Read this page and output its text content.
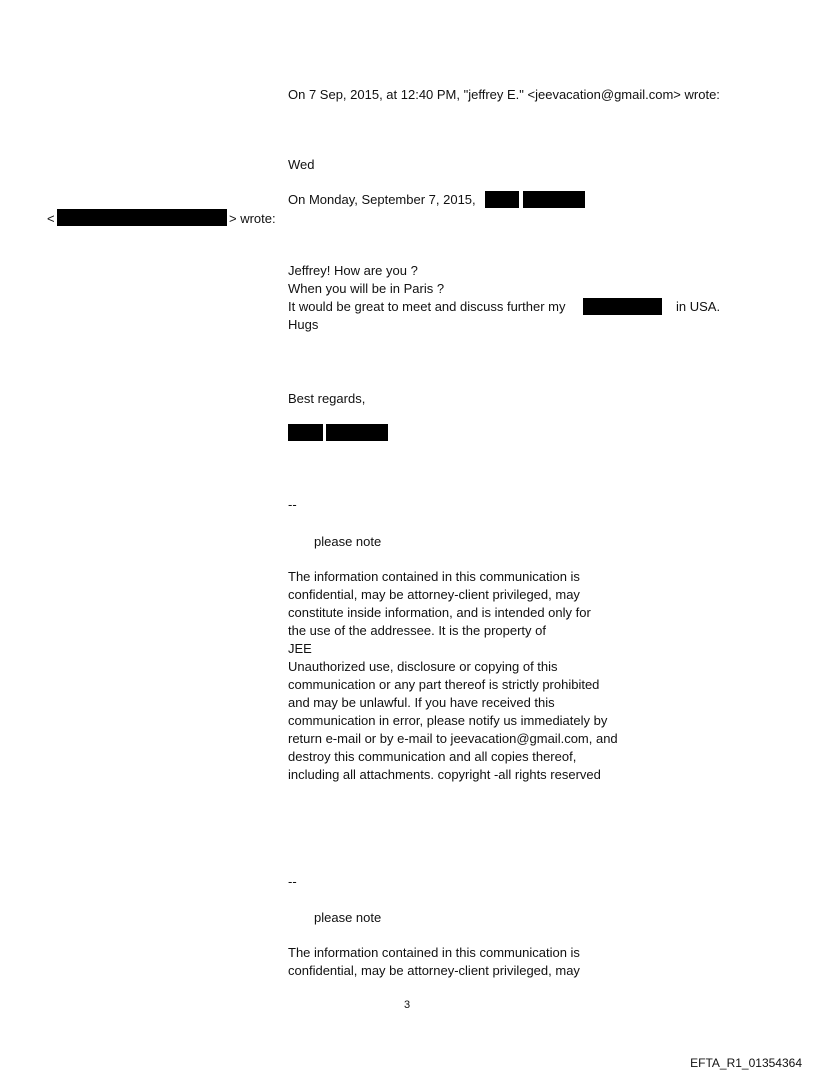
On 7 Sep, 2015, at 12:40 PM, "jeffrey E." <jeevacation@gmail.com> wrote:
Wed
On Monday, September 7, 2015,
<	> wrote:
Jeffrey! How are you ?
When you will be in Paris ?
It would be great to meet and discuss further my	in USA.
Hugs
Best regards,
--
please note
The information contained in this communication is
confidential, may be attorney-client privileged, may
constitute inside information, and is intended only for
the use of the addressee. It is the property of
JEE
Unauthorized use, disclosure or copying of this
communication or any part thereof is strictly prohibited
and may be unlawful. If you have received this
communication in error, please notify us immediately by
return e-mail or by e-mail to jeevacation@gmail.com, and
destroy this communication and all copies thereof,
including all attachments. copyright -all rights reserved
--
please note
The information contained in this communication is
confidential, may be attorney-client privileged, may
3
EFTA_R1_01354364
